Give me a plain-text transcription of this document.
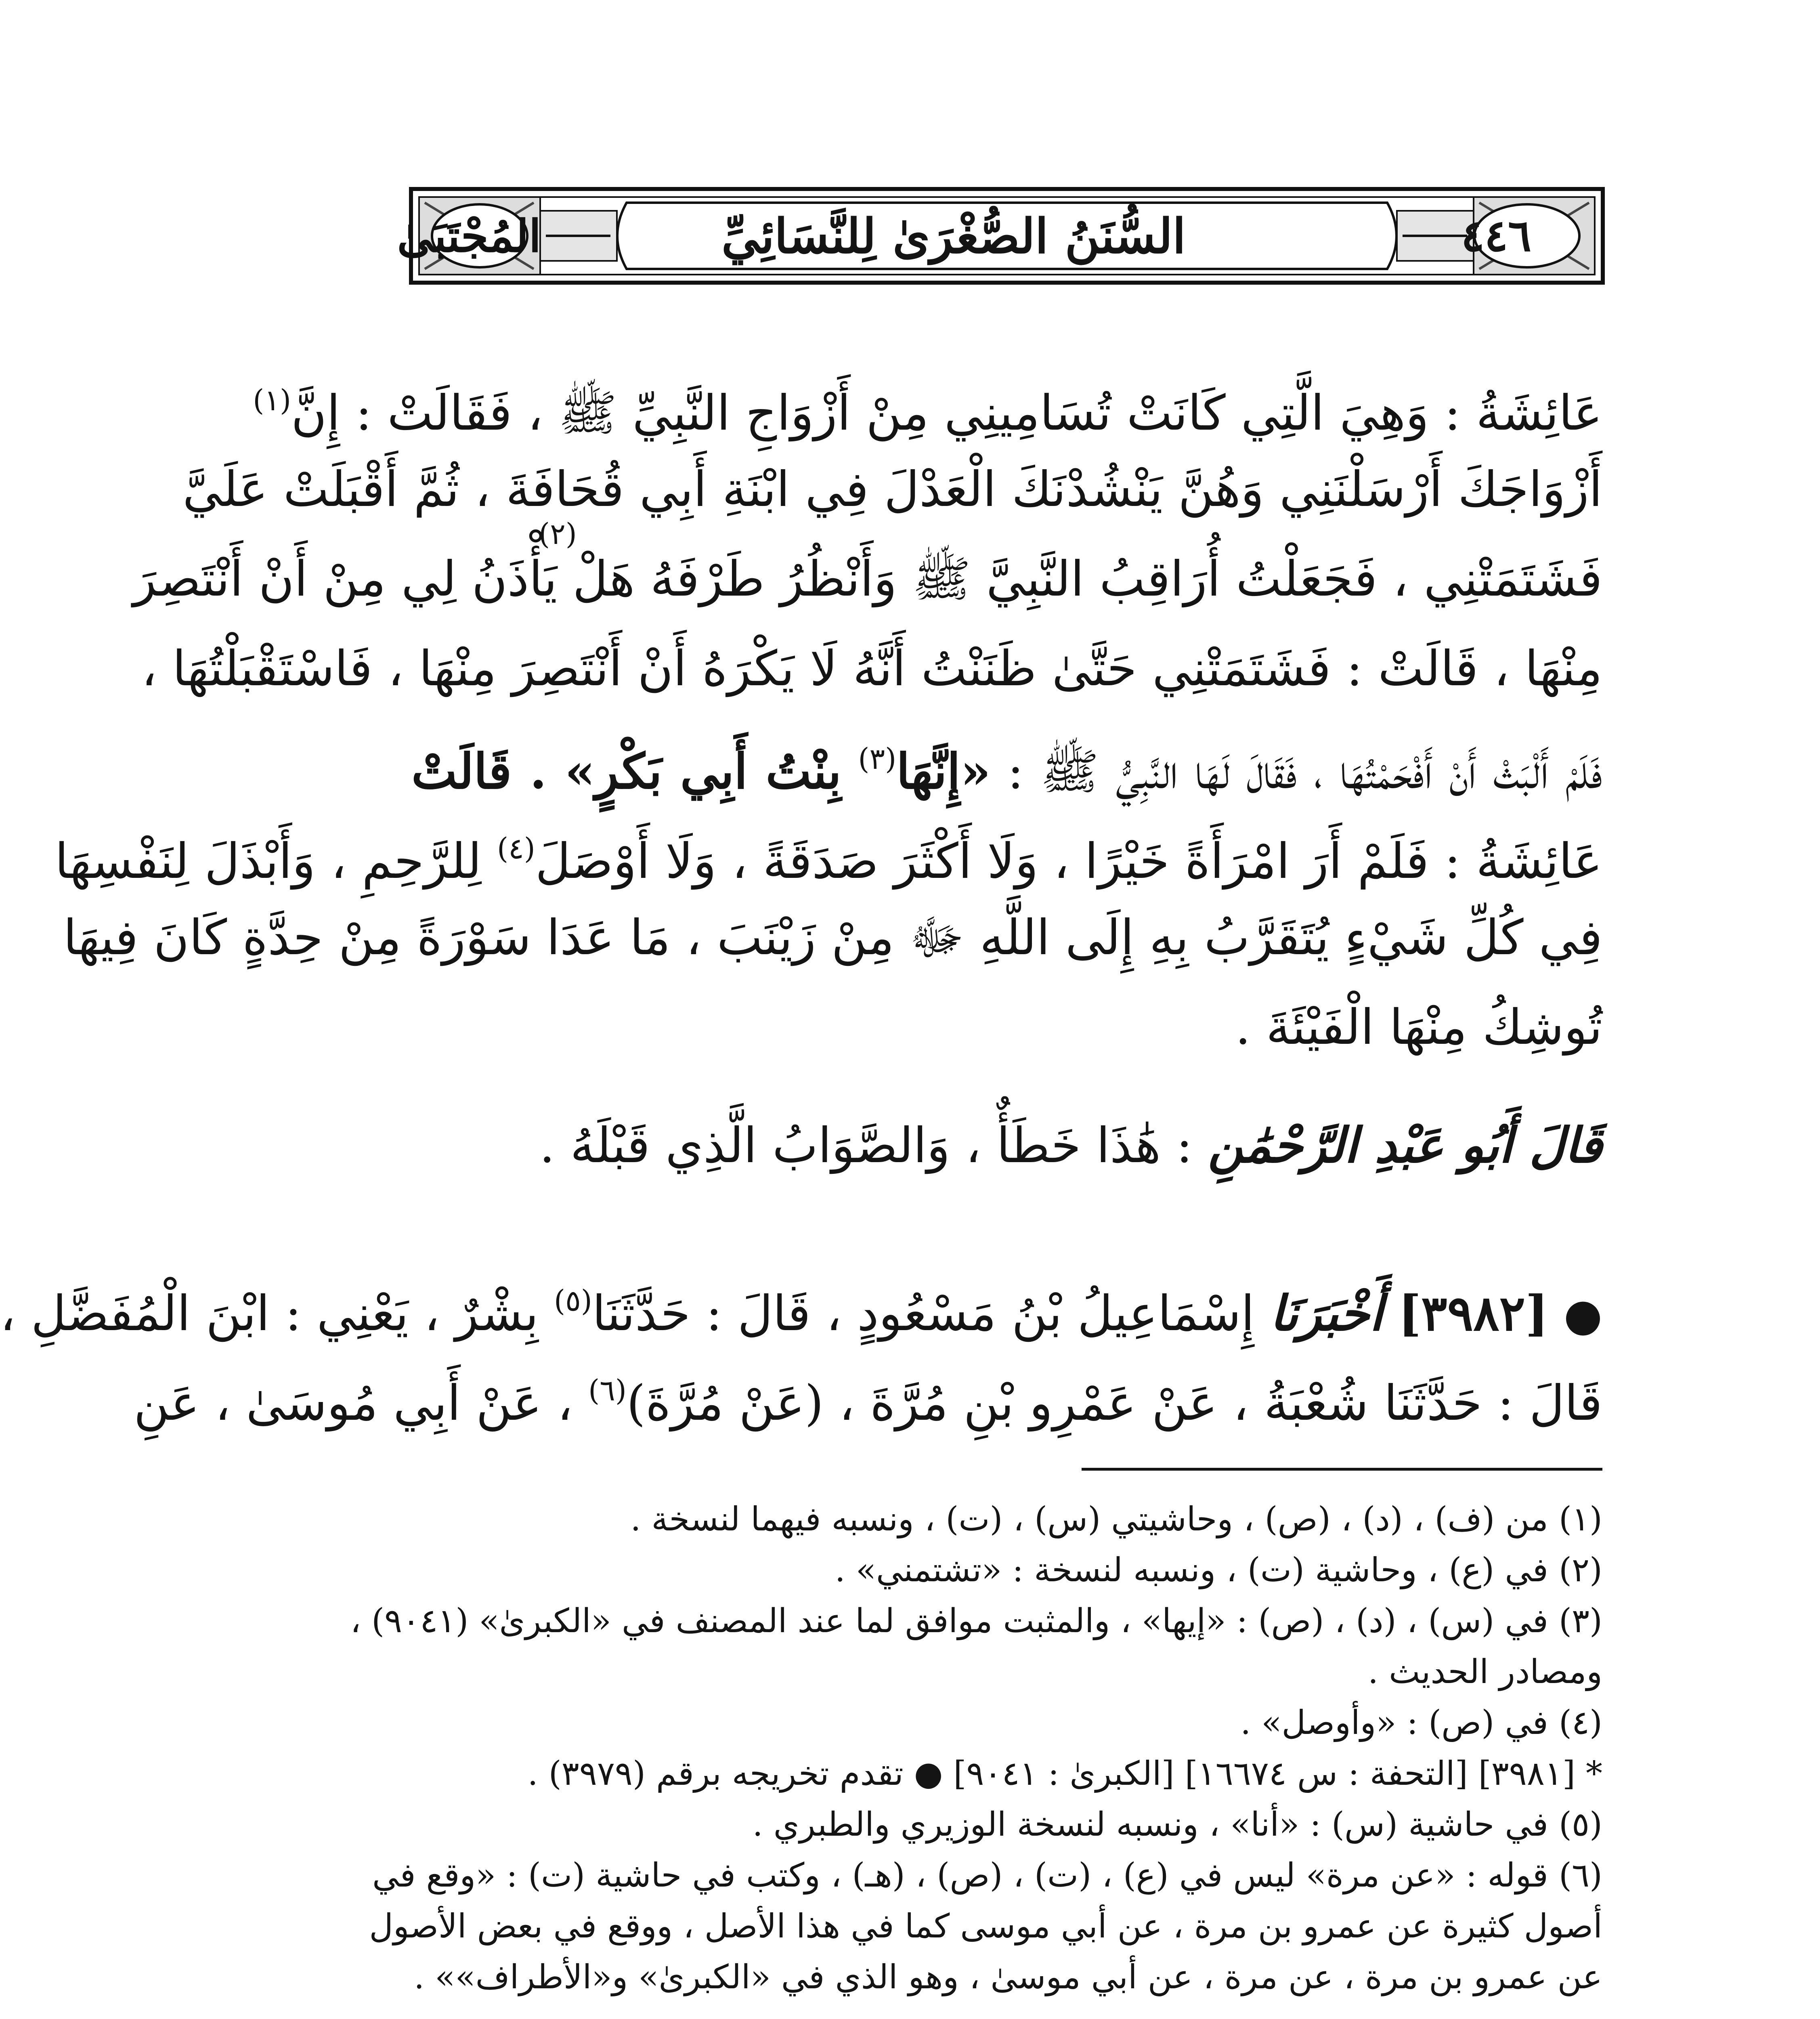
المُجْتَبَىٰ	السُّنَنُ الصُّغْرَىٰ لِلنَّسَائِيِّ	٤٤٦
عَائِشَةُ : وَهِيَ الَّتِي كَانَتْ تُسَامِينِي مِنْ أَزْوَاجِ النَّبِيِّ ﷺ ، فَقَالَتْ : إِنَّ$^{(١)}$
أَزْوَاجَكَ أَرْسَلْنَنِي وَهُنَّ يَنْشُدْنَكَ الْعَدْلَ فِي ابْنَةِ أَبِي قُحَافَةَ ، ثُمَّ أَقْبَلَتْ عَلَيَّ
فَشَتَمَتْنِي ، فَجَعَلْتُ أُرَاقِبُ النَّبِيَّ ﷺ وَأَنْظُرُ طَرْفَهُ هَلْ يَأْذَنُ لِي مِنْ أَنْ أَنْتَصِرَ
مِنْهَا ، قَالَتْ : فَشَتَمَتْنِي حَتَّىٰ ظَنَنْتُ أَنَّهُ لَا يَكْرَهُ أَنْ أَنْتَصِرَ مِنْهَا ، فَاسْتَقْبَلْتُهَا ،
فَلَمْ أَلْبَثْ أَنْ أَفْحَمْتُهَا ، فَقَالَ لَهَا النَّبِيُّ ﷺ : «إِنَّهَا$^{(٣)}$ بِنْتُ أَبِي بَكْرٍ» . قَالَتْ
عَائِشَةُ : فَلَمْ أَرَ امْرَأَةً خَيْرًا ، وَلَا أَكْثَرَ صَدَقَةً ، وَلَا أَوْصَلَ$^{(٤)}$ لِلرَّحِمِ ، وَأَبْذَلَ لِنَفْسِهَا
فِي كُلِّ شَيْءٍ يُتَقَرَّبُ بِهِ إِلَى اللَّهِ ﷻ مِنْ زَيْنَبَ ، مَا عَدَا سَوْرَةً مِنْ حِدَّةٍ كَانَ فِيهَا
تُوشِكُ مِنْهَا الْفَيْئَةَ .
قَالَ أَبُو عَبْدِ الرَّحْمَٰنِ : هَٰذَا خَطَأٌ ، وَالصَّوَابُ الَّذِي قَبْلَهُ .
● [٣٩٨٢] أَخْبَرَنَا إِسْمَاعِيلُ بْنُ مَسْعُودٍ ، قَالَ : حَدَّثَنَا$^{(٥)}$ بِشْرٌ ، يَعْنِي : ابْنَ الْمُفَضَّلِ ،
قَالَ : حَدَّثَنَا شُعْبَةُ ، عَنْ عَمْرِو بْنِ مُرَّةَ ، (عَنْ مُرَّةَ)$^{(٦)}$ ، عَنْ أَبِي مُوسَىٰ ، عَنِ
(٢)
(١) من (ف) ، (د) ، (ص) ، وحاشيتي (س) ، (ت) ، ونسبه فيهما لنسخة .
(٢) في (ع) ، وحاشية (ت) ، ونسبه لنسخة : «تشتمني» .
(٣) في (س) ، (د) ، (ص) : «إيها» ، والمثبت موافق لما عند المصنف في «الكبرىٰ» (٩٠٤١) ،
ومصادر الحديث .
(٤) في (ص) : «وأوصل» .
* [٣٩٨١] [التحفة : س ١٦٦٧٤] [الكبرىٰ : ٩٠٤١] ● تقدم تخريجه برقم (٣٩٧٩) .
(٥) في حاشية (س) : «أنا» ، ونسبه لنسخة الوزيري والطبري .
(٦) قوله : «عن مرة» ليس في (ع) ، (ت) ، (ص) ، (هـ) ، وكتب في حاشية (ت) : «وقع في
أصول كثيرة عن عمرو بن مرة ، عن أبي موسى كما في هذا الأصل ، ووقع في بعض الأصول
عن عمرو بن مرة ، عن مرة ، عن أبي موسىٰ ، وهو الذي في «الكبرىٰ» و«الأطراف»» .
